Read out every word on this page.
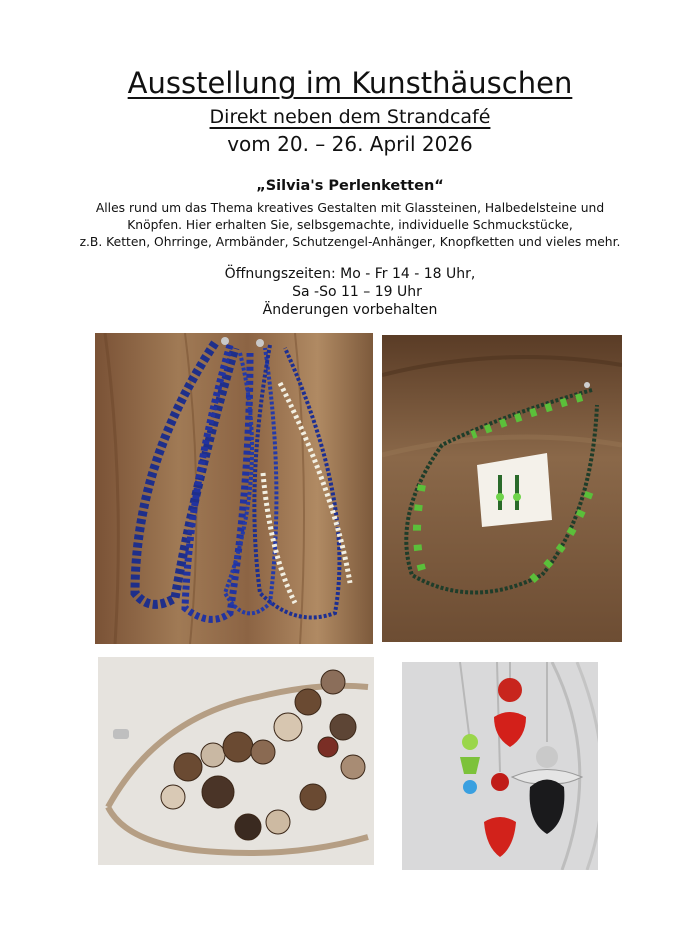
Ausstellung im Kunsthäuschen
Direkt neben dem Strandcafé
vom 20. – 26. April 2026
„Silvia's Perlenketten“
Alles rund um das Thema kreatives Gestalten mit Glassteinen, Halbedelsteine und
Knöpfen. Hier erhalten Sie, selbsgemachte, individuelle Schmuckstücke,
z.B. Ketten, Ohrringe, Armbänder, Schutzengel-Anhänger, Knopfketten und vieles mehr.
Öffnungszeiten: Mo - Fr 14 - 18 Uhr,
Sa -So 11 – 19 Uhr
Änderungen vorbehalten
